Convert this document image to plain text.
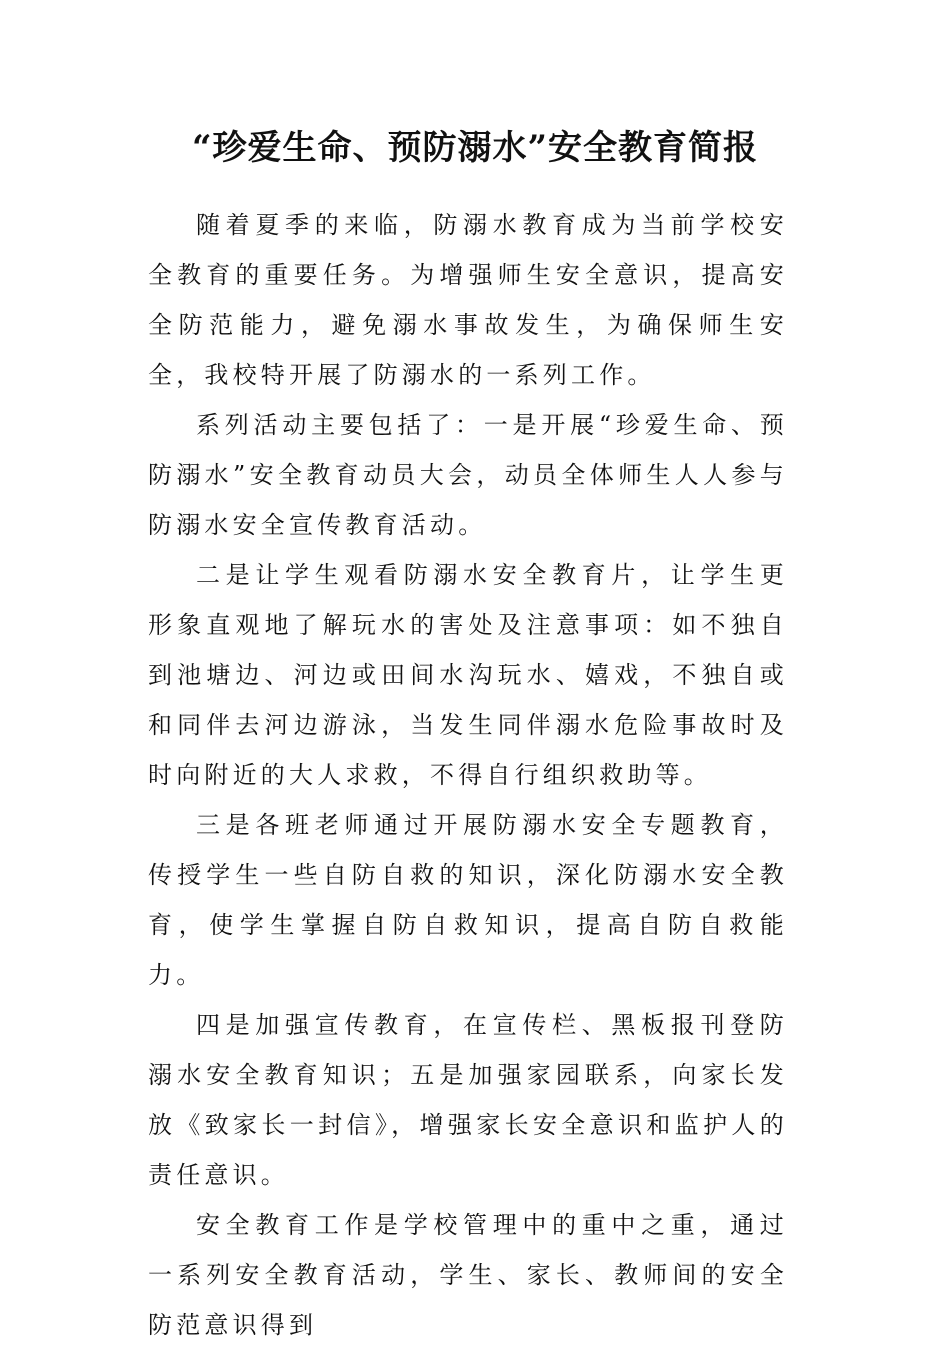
“珍爱生命、预防溺水”安全教育简报

随着夏季的来临，防溺水教育成为当前学校安全教育的重要任务。为增强师生安全意识，提高安全防范能力，避免溺水事故发生，为确保师生安全，我校特开展了防溺水的一系列工作。

系列活动主要包括了：一是开展“珍爱生命、预防溺水”安全教育动员大会，动员全体师生人人参与防溺水安全宣传教育活动。

二是让学生观看防溺水安全教育片，让学生更形象直观地了解玩水的害处及注意事项：如不独自到池塘边、河边或田间水沟玩水、嬉戏，不独自或和同伴去河边游泳，当发生同伴溺水危险事故时及时向附近的大人求救，不得自行组织救助等。

三是各班老师通过开展防溺水安全专题教育，传授学生一些自防自救的知识，深化防溺水安全教育，使学生掌握自防自救知识，提高自防自救能力。

四是加强宣传教育，在宣传栏、黑板报刊登防溺水安全教育知识；五是加强家园联系，向家长发放《致家长一封信》，增强家长安全意识和监护人的责任意识。

安全教育工作是学校管理中的重中之重，通过一系列安全教育活动，学生、家长、教师间的安全防范意识得到
